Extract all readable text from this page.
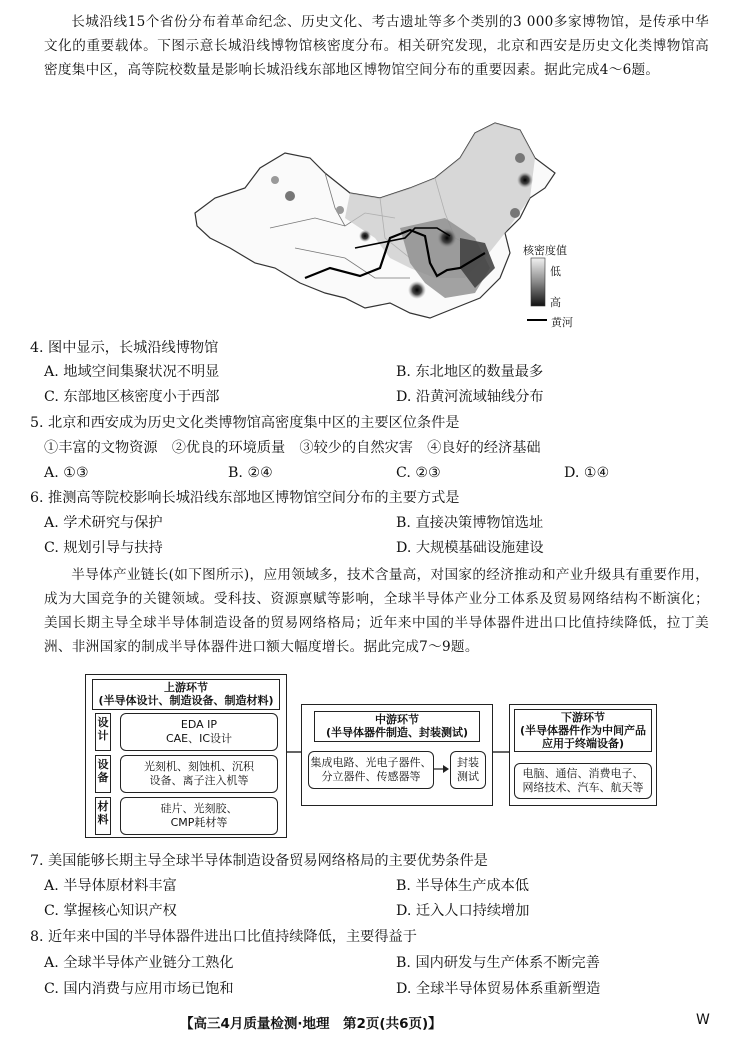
长城沿线15个省份分布着革命纪念、历史文化、考古遗址等多个类别的3 000多家博物馆，是传承中华文化的重要载体。下图示意长城沿线博物馆核密度分布。相关研究发现，北京和西安是历史文化类博物馆高密度集中区，高等院校数量是影响长城沿线东部地区博物馆空间分布的重要因素。据此完成4～6题。
核密度值
低
高
黄河
4. 图中显示，长城沿线博物馆
A. 地域空间集聚状况不明显	B. 东北地区的数量最多
C. 东部地区核密度小于西部	D. 沿黄河流域轴线分布
5. 北京和西安成为历史文化类博物馆高密度集中区的主要区位条件是
①丰富的文物资源　②优良的环境质量　③较少的自然灾害　④良好的经济基础
A. ①③	B. ②④	C. ②③	D. ①④
6. 推测高等院校影响长城沿线东部地区博物馆空间分布的主要方式是
A. 学术研究与保护	B. 直接决策博物馆选址
C. 规划引导与扶持	D. 大规模基础设施建设
半导体产业链长(如下图所示)，应用领域多，技术含量高，对国家的经济推动和产业升级具有重要作用，成为大国竞争的关键领域。受科技、资源禀赋等影响，全球半导体产业分工体系及贸易网络结构不断演化；美国长期主导全球半导体制造设备的贸易网络格局；近年来中国的半导体器件进出口比值持续降低，拉丁美洲、非洲国家的制成半导体器件进口额大幅度增长。据此完成7～9题。
上游环节
(半导体设计、制造设备、制造材料)
设计
EDA IP
CAE、IC设计
设备
光刻机、刻蚀机、沉积
设备、离子注入机等
材料
硅片、光刻胶、
CMP耗材等
中游环节
(半导体器件制造、封装测试)
集成电路、光电子器件、
分立器件、传感器等
封装
测试
下游环节
(半导体器件作为中间产品
应用于终端设备)
电脑、通信、消费电子、
网络技术、汽车、航天等
7. 美国能够长期主导全球半导体制造设备贸易网络格局的主要优势条件是
A. 半导体原材料丰富	B. 半导体生产成本低
C. 掌握核心知识产权	D. 迁入人口持续增加
8. 近年来中国的半导体器件进出口比值持续降低，主要得益于
A. 全球半导体产业链分工熟化	B. 国内研发与生产体系不断完善
C. 国内消费与应用市场已饱和	D. 全球半导体贸易体系重新塑造
【高三4月质量检测·地理　第2页(共6页)】	W
